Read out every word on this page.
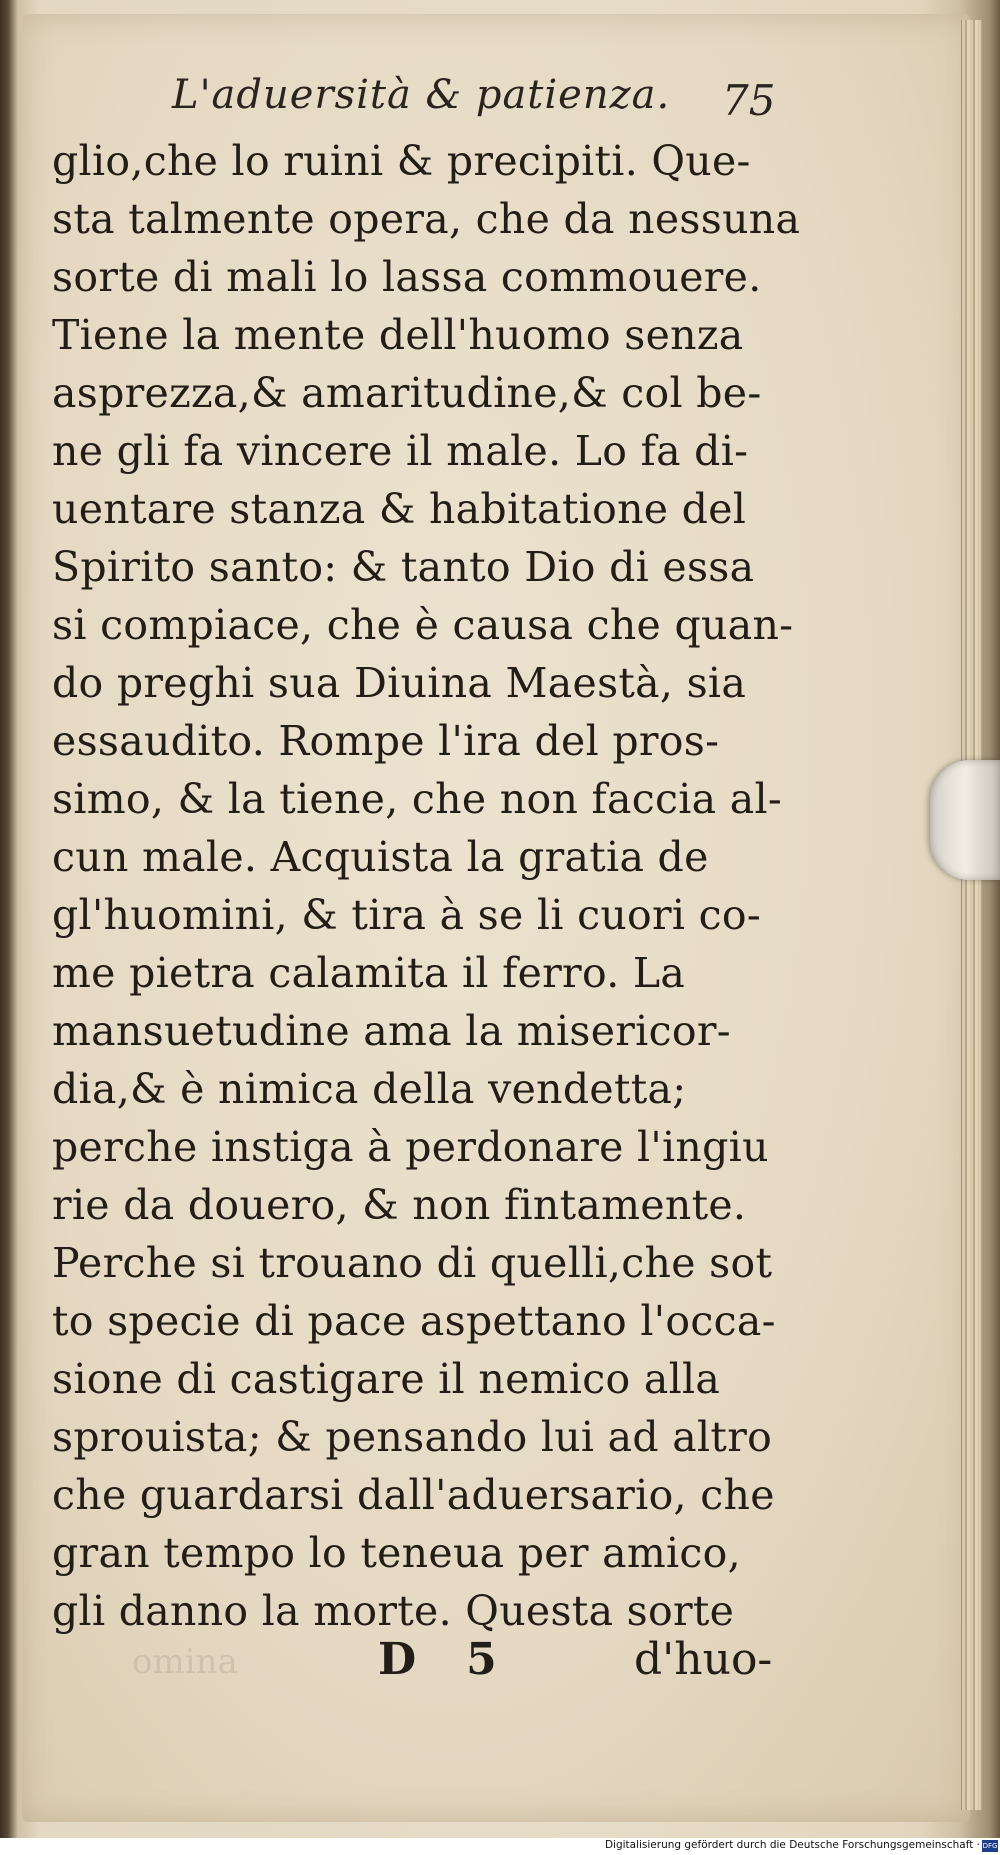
L'aduersità & patienza.	75
glio,che lo ruini & precipiti. Que-
sta talmente opera, che da nessuna
sorte di mali lo lassa commouere.
Tiene la mente dell'huomo senza
asprezza,& amaritudine,& col be-
ne gli fa vincere il male. Lo fa di-
uentare stanza & habitatione del
Spirito santo: & tanto Dio di essa
si compiace, che è causa che quan-
do preghi sua Diuina Maestà, sia
essaudito. Rompe l'ira del pros-
simo, & la tiene, che non faccia al-
cun male. Acquista la gratia de
gl'huomini, & tira à se li cuori co-
me pietra calamita il ferro. La
mansuetudine ama la misericor-
dia,& è nimica della vendetta;
perche instiga à perdonare l'ingiu
rie da douero, & non fintamente.
Perche si trouano di quelli,che sot
to specie di pace aspettano l'occa-
sione di castigare il nemico alla
sprouista; & pensando lui ad altro
che guardarsi dall'aduersario, che
gran tempo lo teneua per amico,
gli danno la morte. Questa sorte
omina	D 5	d'huo-
Digitalisierung gefördert durch die Deutsche Forschungsgemeinschaft · DFG
